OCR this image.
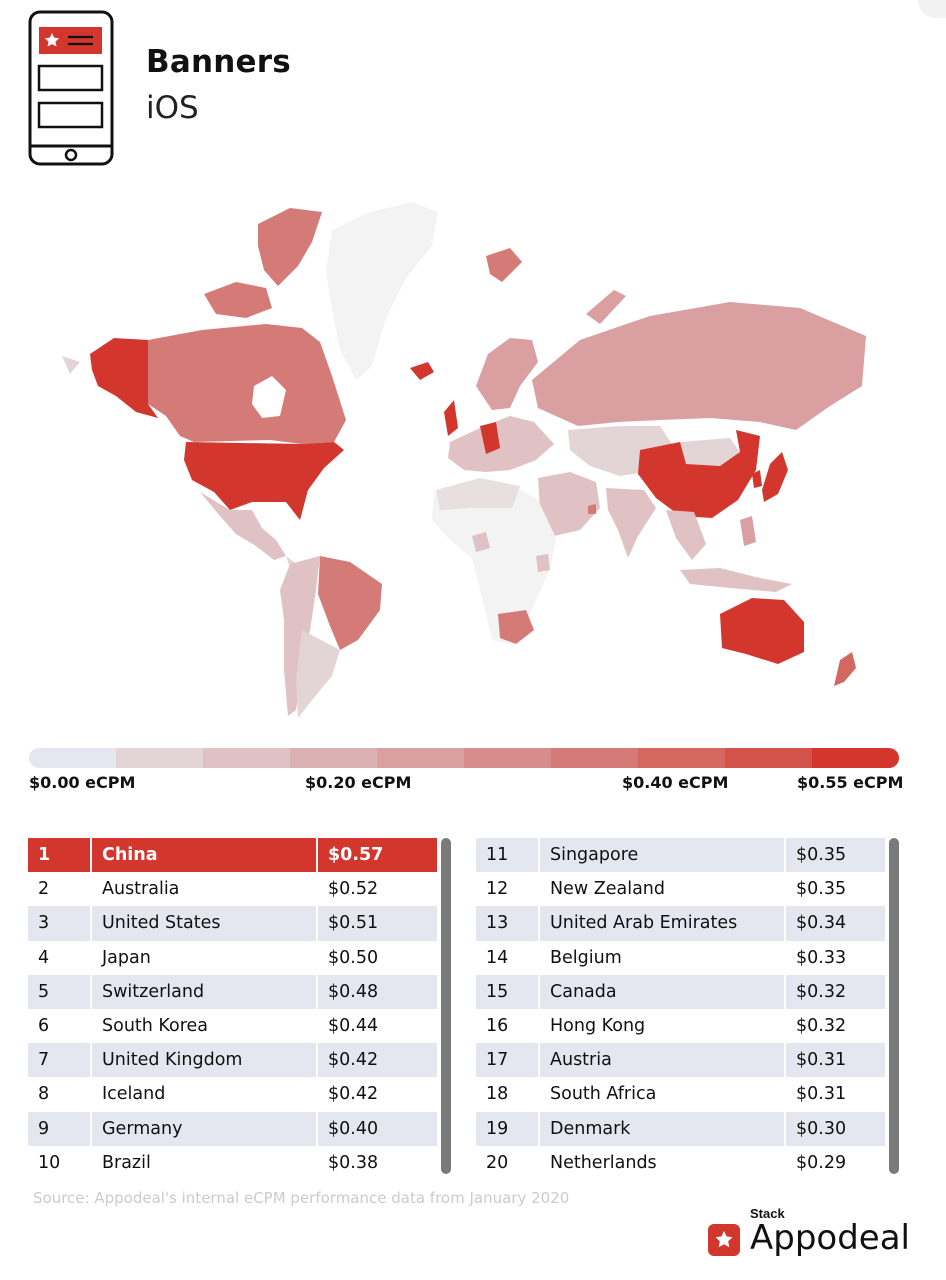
Banners
iOS
$0.00 eCPM	$0.20 eCPM	$0.40 eCPM	$0.55 eCPM
1	China	$0.57
2	Australia	$0.52
3	United States	$0.51
4	Japan	$0.50
5	Switzerland	$0.48
6	South Korea	$0.44
7	United Kingdom	$0.42
8	Iceland	$0.42
9	Germany	$0.40
10	Brazil	$0.38
11	Singapore	$0.35
12	New Zealand	$0.35
13	United Arab Emirates	$0.34
14	Belgium	$0.33
15	Canada	$0.32
16	Hong Kong	$0.32
17	Austria	$0.31
18	South Africa	$0.31
19	Denmark	$0.30
20	Netherlands	$0.29
Source: Appodeal's internal eCPM performance data from January 2020
Stack
Appodeal
